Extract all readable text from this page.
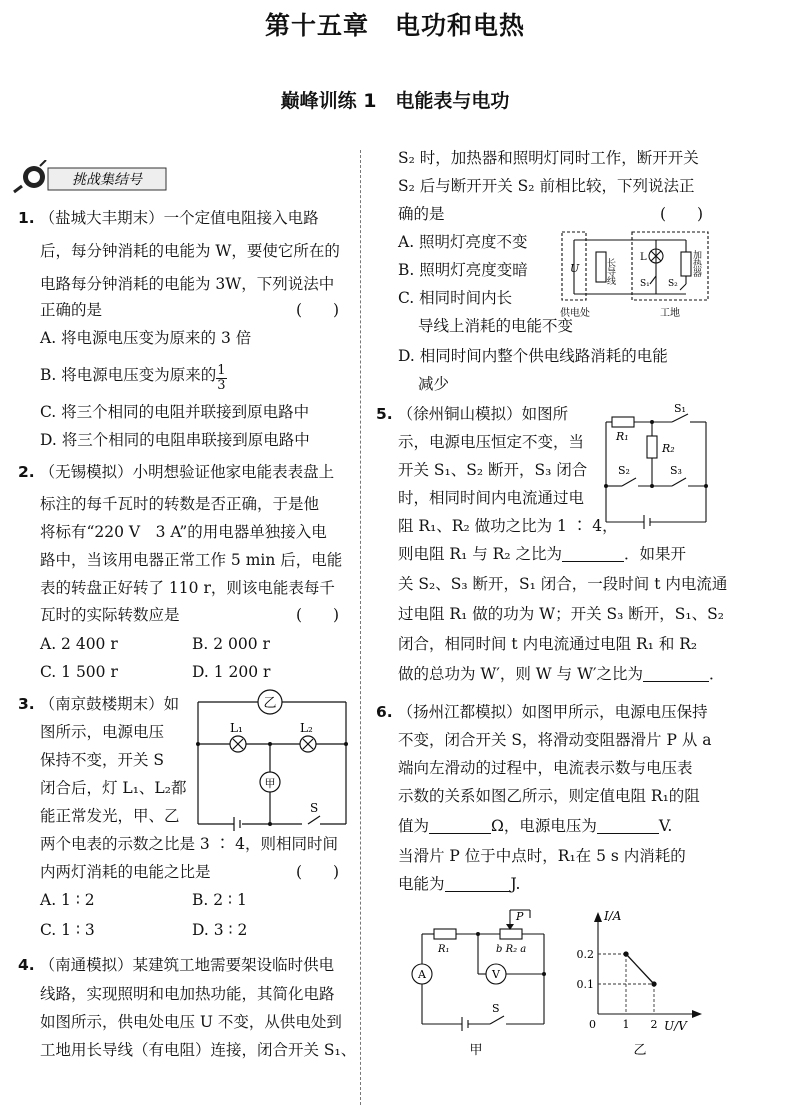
第十五章　电功和电热
巅峰训练 1　电能表与电功
挑战集结号
1. （盐城大丰期末）一个定值电阻接入电路
后，每分钟消耗的电能为 W，要使它所在的
电路每分钟消耗的电能为 3W，下列说法中
正确的是	(　　)
A. 将电源电压变为原来的 3 倍
B. 将电源电压变为原来的 $\frac{1}{3}$
C. 将三个相同的电阻并联接到原电路中
D. 将三个相同的电阻串联接到原电路中
2. （无锡模拟）小明想验证他家电能表表盘上
标注的每千瓦时的转数是否正确，于是他
将标有“220 V　3 A”的用电器单独接入电
路中，当该用电器正常工作 5 min 后，电能
表的转盘正好转了 110 r，则该电能表每千
瓦时的实际转数应是	(　　)
A. 2 400 r	B. 2 000 r
C. 1 500 r	D. 1 200 r
3. （南京鼓楼期末）如
图所示，电源电压
保持不变，开关 S
闭合后，灯 L₁、L₂都
能正常发光，甲、乙
两个电表的示数之比是 3 ∶ 4，则相同时间
内两灯消耗的电能之比是	(　　)
A. 1 ∶ 2	B. 2 ∶ 1
C. 1 ∶ 3	D. 3 ∶ 2
乙
甲
L₁	L₂
S
4. （南通模拟）某建筑工地需要架设临时供电
线路，实现照明和电加热功能，其简化电路
如图所示，供电处电压 U 不变，从供电处到
工地用长导线（有电阻）连接，闭合开关 S₁、
S₂ 时，加热器和照明灯同时工作，断开开关
S₂ 后与断开开关 S₂ 前相比较，下列说法正
确的是	(　　)
A. 照明灯亮度不变
B. 照明灯亮度变暗
C. 相同时间内长
导线上消耗的电能不变
D. 相同时间内整个供电线路消耗的电能
减少
U	长导线
供电处	工地
L
S₁ S₂
加热器
5. （徐州铜山模拟）如图所
示，电源电压恒定不变，当
开关 S₁、S₂ 断开，S₃ 闭合
时，相同时间内电流通过电
阻 R₁、R₂ 做功之比为 1 ∶ 4，
则电阻 R₁ 与 R₂ 之比为	．如果开
关 S₂、S₃ 断开，S₁ 闭合，一段时间 t 内电流通
过电阻 R₁ 做的功为 W；开关 S₃ 断开，S₁、S₂
闭合，相同时间 t 内电流通过电阻 R₁ 和 R₂
做的总功为 W′，则 W 与 W′之比为	．
R₁
R₂
S₁
S₂	S₃
6. （扬州江都模拟）如图甲所示，电源电压保持
不变，闭合开关 S，将滑动变阻器滑片 P 从 a
端向左滑动的过程中，电流表示数与电压表
示数的关系如图乙所示，则定值电阻 R₁的阻
值为	Ω，电源电压为	V.
当滑片 P 位于中点时，R₁在 5 s 内消耗的
电能为	J.
P
R₁	b R₂ a
A	V
S
甲
I/A
U/V
0
0.2
0.1
1 2
乙
